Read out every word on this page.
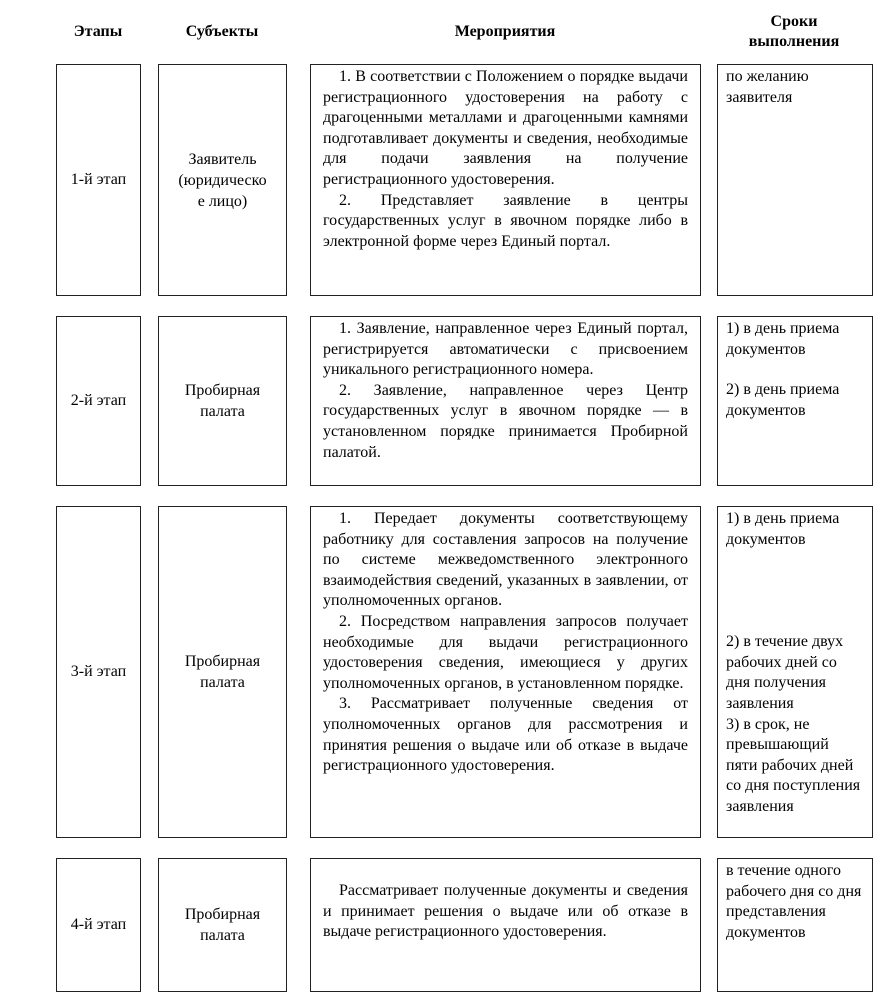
Этапы	Субъекты	Мероприятия
Сроки
выполнения
1-й этап
Заявитель
(юридическо
е лицо)

1. В соответствии с Положением о порядке выдачи регистрационного удостоверения на работу с драгоценными металлами и драгоценными камнями подготавливает документы и сведения, необходимые для подачи заявления на получение регистрационного удостоверения.

2. Представляет заявление в центры государственных услуг в явочном порядке либо в электронной форме через Единый портал.

по желанию заявителя

2-й этап
Пробирная
палата

1. Заявление, направленное через Единый портал, регистрируется автоматически с присвоением уникального регистрационного номера.

2. Заявление, направленное через Центр государственных услуг в явочном порядке — в установленном порядке принимается Пробирной палатой.

1) в день приема документов

2) в день приема документов

3-й этап
Пробирная
палата

1. Передает документы соответствующему работнику для составления запросов на получение по системе межведомственного электронного взаимодействия сведений, указанных в заявлении, от уполномоченных органов.

2. Посредством направления запросов получает необходимые для выдачи регистрационного удостоверения сведения, имеющиеся у других уполномоченных органов, в установленном порядке.

3. Рассматривает полученные сведения от уполномоченных органов для рассмотрения и принятия решения о выдаче или об отказе в выдаче регистрационного удостоверения.

1) в день приема документов

2) в течение двух рабочих дней со дня получения заявления

3) в срок, не превышающий пяти рабочих дней со дня поступления заявления

4-й этап
Пробирная
палата

Рассматривает полученные документы и сведения и принимает решения о выдаче или об отказе в выдаче регистрационного удостоверения.

в течение одного рабочего дня со дня представления документов
